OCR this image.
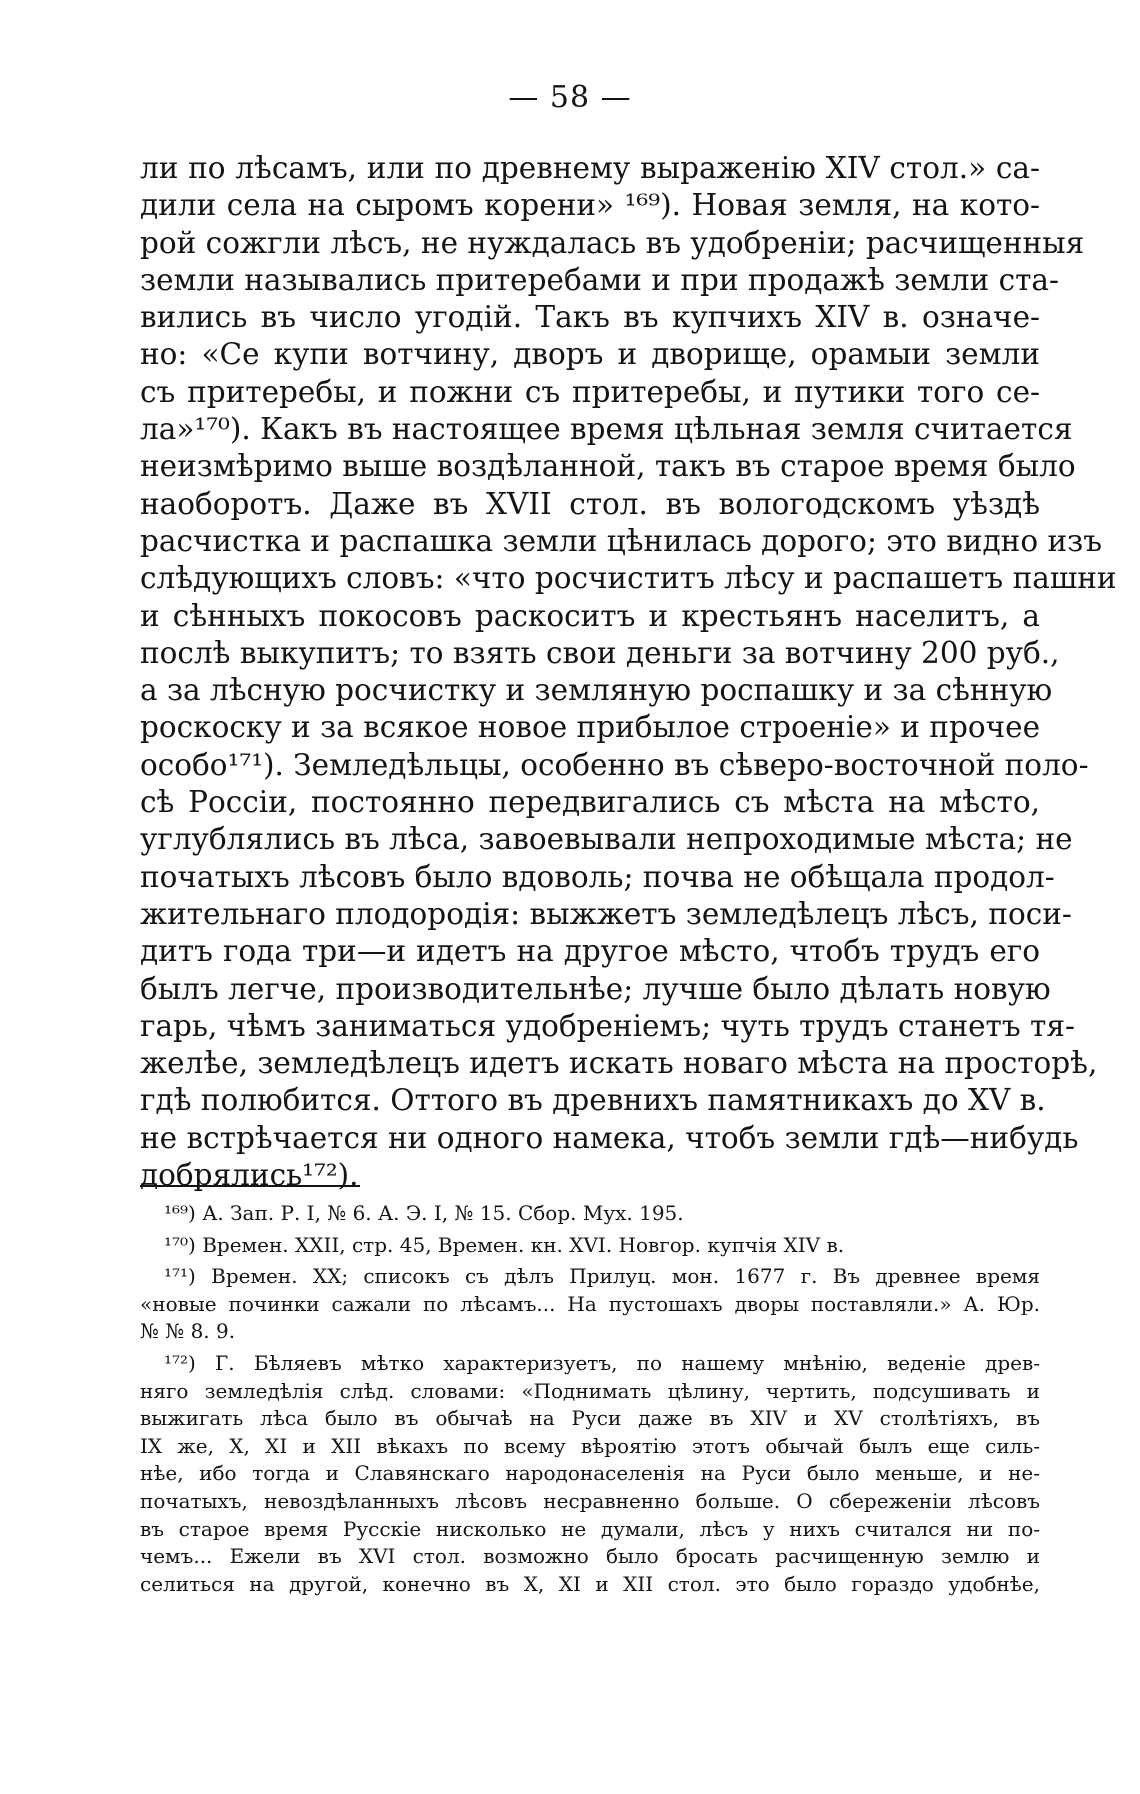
— 58 —
ли по лѣсамъ, или по древнему выраженію XIV стол.» са-
дили села на сыромъ корени» ¹⁶⁹). Новая земля, на кото-
рой сожгли лѣсъ, не нуждалась въ удобреніи; расчищенныя
земли назывались притеребами и при продажѣ земли ста-
вились въ число угодій. Такъ въ купчихъ XIV в. означе-
но: «Се купи вотчину, дворъ и дворище, орамыи земли
съ притеребы, и пожни съ притеребы, и путики того се-
ла»¹⁷⁰). Какъ въ настоящее время цѣльная земля считается
неизмѣримо выше воздѣланной, такъ въ старое время было
наоборотъ. Даже въ XVII стол. въ вологодскомъ уѣздѣ
расчистка и распашка земли цѣнилась дорого; это видно изъ
слѣдующихъ словъ: «что росчиститъ лѣсу и распашетъ пашни
и сѣнныхъ покосовъ раскоситъ и крестьянъ населитъ, а
послѣ выкупитъ; то взять свои деньги за вотчину 200 руб.,
а за лѣсную росчистку и земляную роспашку и за сѣнную
роскоску и за всякое новое прибылое строеніе» и прочее
особо¹⁷¹). Земледѣльцы, особенно въ сѣверо-восточной поло-
сѣ Россіи, постоянно передвигались съ мѣста на мѣсто,
углублялись въ лѣса, завоевывали непроходимые мѣста; не
початыхъ лѣсовъ было вдоволь; почва не обѣщала продол-
жительнаго плодородія: выжжетъ земледѣлецъ лѣсъ, поси-
дитъ года три—и идетъ на другое мѣсто, чтобъ трудъ его
былъ легче, производительнѣе; лучше было дѣлать новую
гарь, чѣмъ заниматься удобреніемъ; чуть трудъ станетъ тя-
желѣе, земледѣлецъ идетъ искать новаго мѣста на просторѣ,
гдѣ полюбится. Оттого въ древнихъ памятникахъ до XV в.
не встрѣчается ни одного намека, чтобъ земли гдѣ—нибудь
добрялись¹⁷²).
¹⁶⁹) А. Зап. Р. I, № 6. А. Э. I, № 15. Сбор. Мух. 195.
¹⁷⁰) Времен. XXII, стр. 45, Времен. кн. XVI. Новгор. купчія XIV в.
¹⁷¹) Времен. XX; списокъ съ дѣлъ Прилуц. мон. 1677 г. Въ древнее время
«новые починки сажали по лѣсамъ... На пустошахъ дворы поставляли.» А. Юр.
№ № 8. 9.
¹⁷²) Г. Бѣляевъ мѣтко характеризуетъ, по нашему мнѣнію, веденіе древ-
няго земледѣлія слѣд. словами: «Поднимать цѣлину, чертить, подсушивать и
выжигать лѣса было въ обычаѣ на Руси даже въ XIV и XV столѣтіяхъ, въ
IX же, X, XI и XII вѣкахъ по всему вѣроятію этотъ обычай былъ еще силь-
нѣе, ибо тогда и Славянскаго народонаселенія на Руси было меньше, и не-
початыхъ, невоздѣланныхъ лѣсовъ несравненно больше. О сбереженіи лѣсовъ
въ старое время Русскіе нисколько не думали, лѣсъ у нихъ считался ни по-
чемъ... Ежели въ XVI стол. возможно было бросать расчищенную землю и
селиться на другой, конечно въ X, XI и XII стол. это было гораздо удобнѣе,
